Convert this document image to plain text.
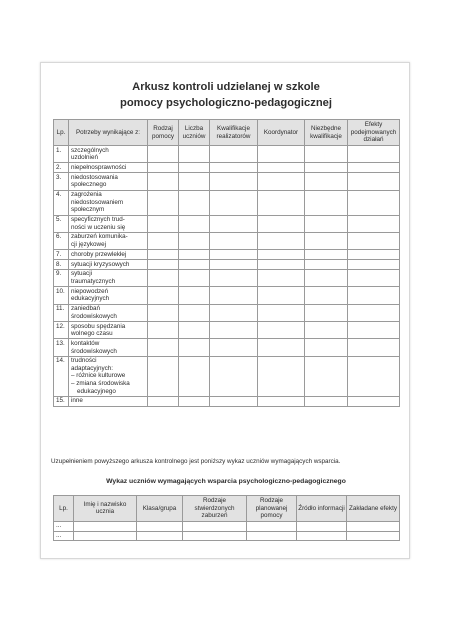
Arkusz kontroli udzielanej w szkole
pomocy psychologiczno-pedagogicznej
Lp.	Potrzeby wynikające z:	Rodzaj pomocy	Liczba uczniów	Kwalifikacje realizatorów	Koordynator	Niezbędne kwalifikacje	Efekty podejmowanych działań
1.	szczególnych
uzdolnień						

2.	niepełnosprawności						

3.	niedostosowania
społecznego						

4.	zagrożenia
niedostosowaniem
społecznym						

5.	specyficznych trud-
ności w uczeniu się						

6.	zaburzeń komunika-
cji językowej						

7.	choroby przewlekłej						

8.	sytuacji kryzysowych						

9.	sytuacji
traumatycznych						

10.	niepowodzeń
edukacyjnych						

11.	zaniedbań
środowiskowych						

12.	sposobu spędzania
wolnego czasu						

13.	kontaktów
środowiskowych						

14.	trudności
adaptacyjnych:
– różnice kulturowe
– zmiana środowiska
edukacyjnego						

15.	inne						

Uzupełnieniem powyższego arkusza kontrolnego jest poniższy wykaz uczniów wymagających wsparcia.
Wykaz uczniów wymagających wsparcia psychologiczno-pedagogicznego
Lp.	Imię i nazwisko ucznia	Klasa/grupa	Rodzaje stwierdzonych zaburzeń	Rodzaje planowanej pomocy	Źródło informacji	Zakładane efekty
...						
...						
